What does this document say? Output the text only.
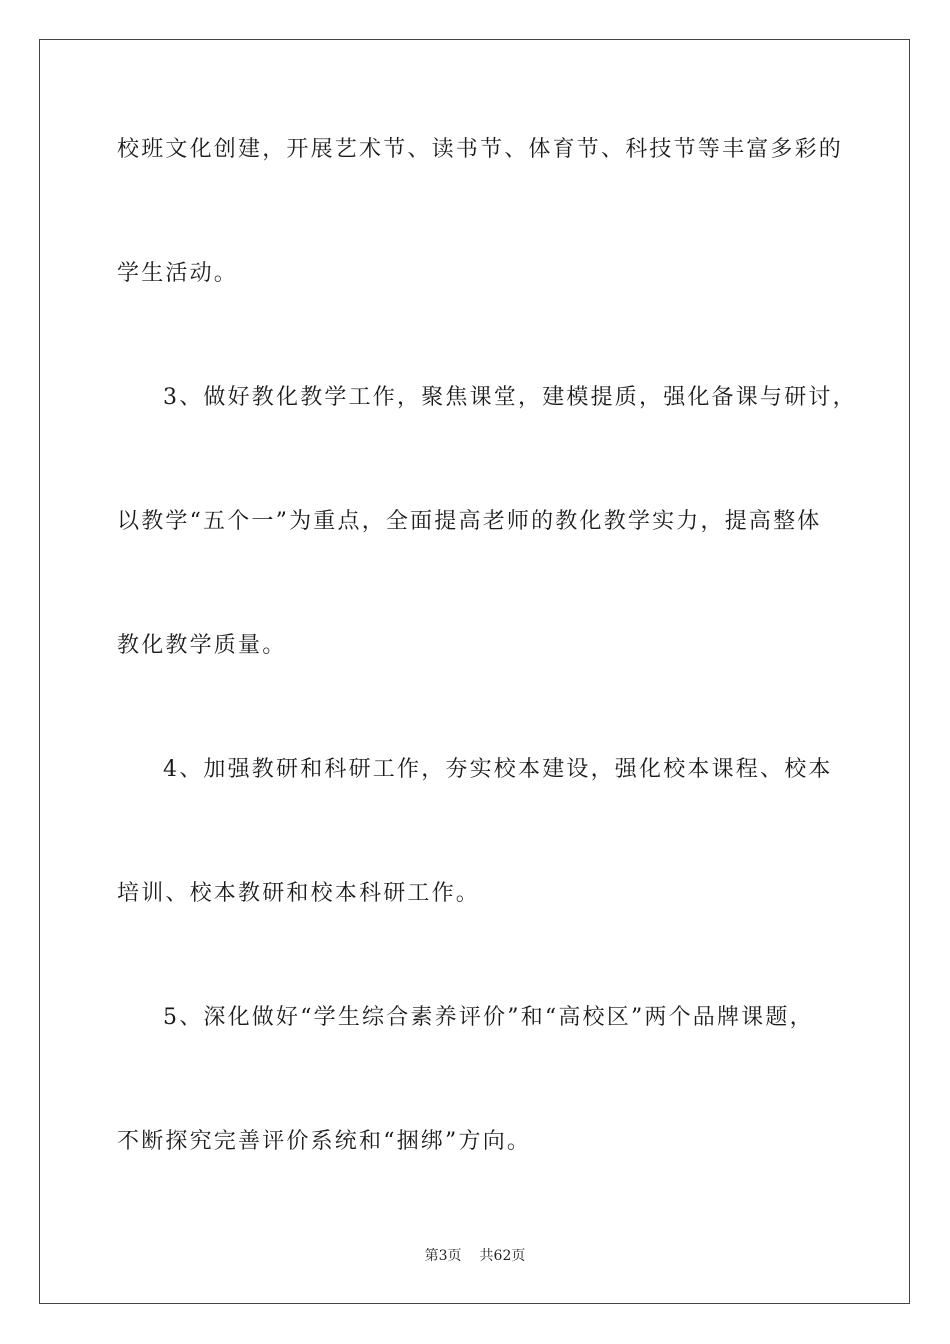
校班文化创建，开展艺术节、读书节、体育节、科技节等丰富多彩的
学生活动。
3、做好教化教学工作，聚焦课堂，建模提质，强化备课与研讨，
以教学“五个一”为重点，全面提高老师的教化教学实力，提高整体
教化教学质量。
4、加强教研和科研工作，夯实校本建设，强化校本课程、校本
培训、校本教研和校本科研工作。
5、深化做好“学生综合素养评价”和“高校区”两个品牌课题，
不断探究完善评价系统和“捆绑”方向。
第3页 共62页
